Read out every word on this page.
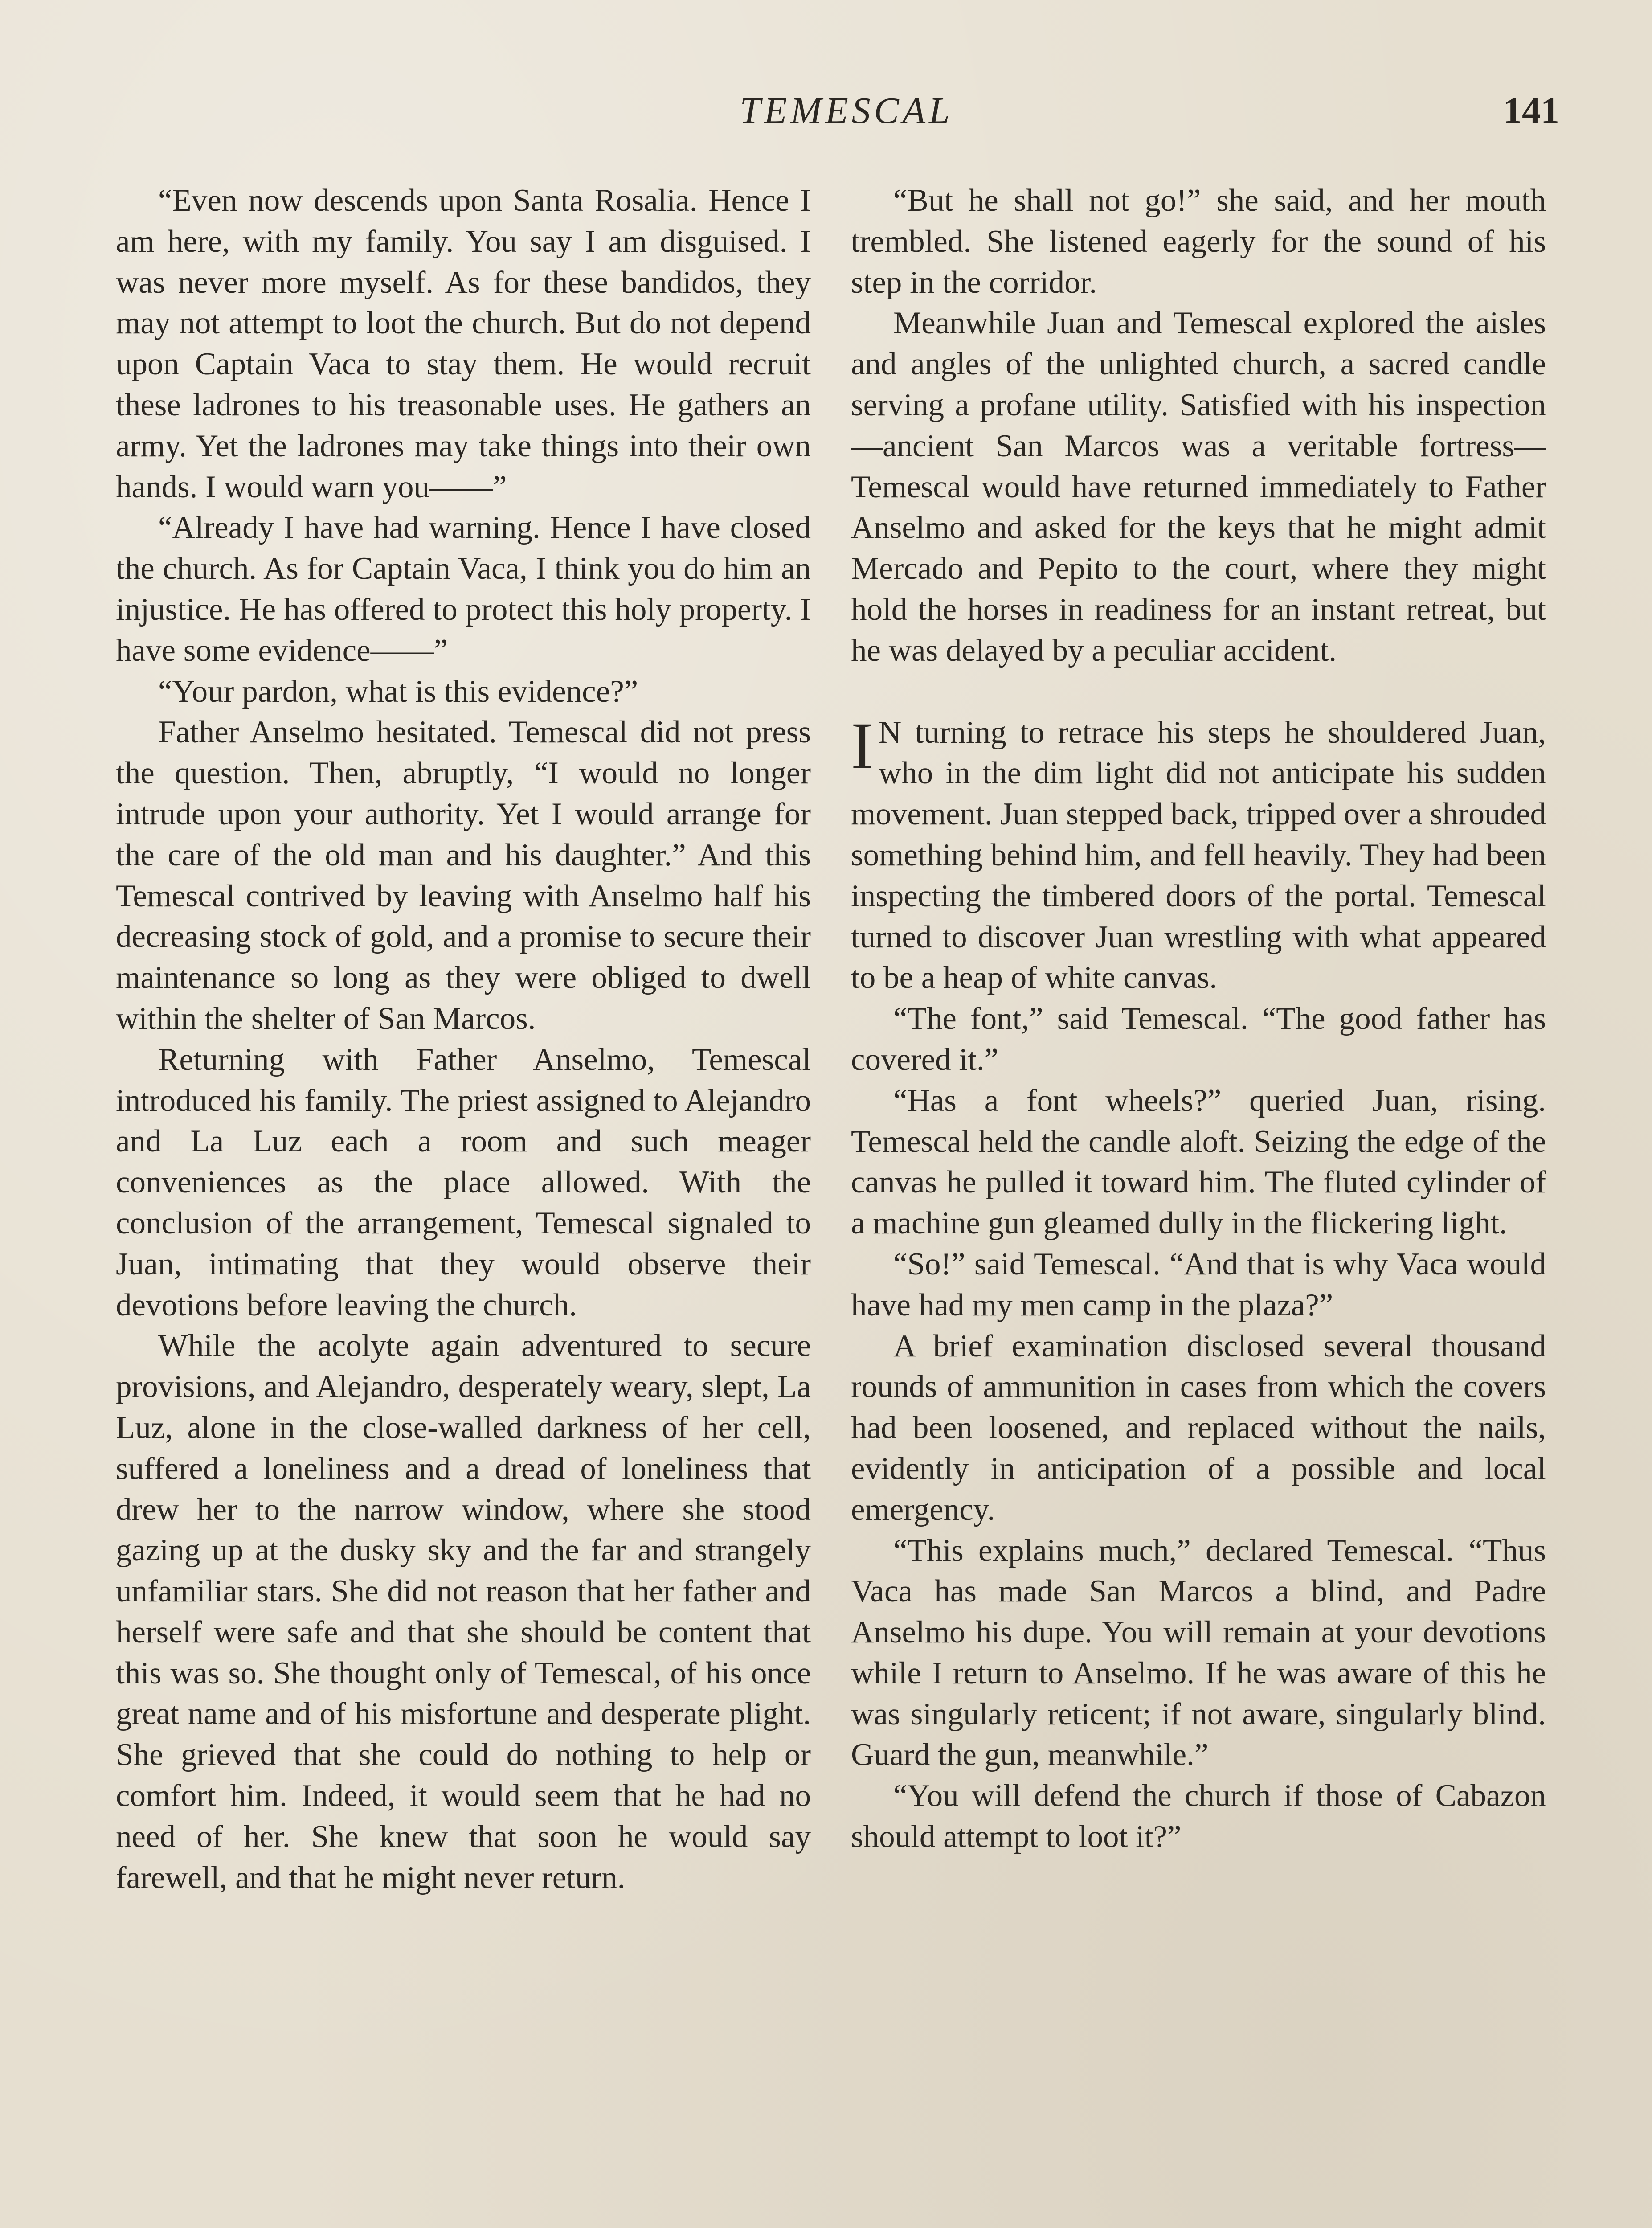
TEMESCAL	141

“Even now descends upon Santa Rosalia. Hence I am here, with my family. You say I am disguised. I was never more myself. As for these bandidos, they may not attempt to loot the church. But do not depend upon Captain Vaca to stay them. He would recruit these ladrones to his treasonable uses. He gathers an army. Yet the ladrones may take things into their own hands. I would warn you——”

“Already I have had warning. Hence I have closed the church. As for Captain Vaca, I think you do him an injustice. He has offered to protect this holy property. I have some evidence——”

“Your pardon, what is this evidence?”

Father Anselmo hesitated. Temescal did not press the question. Then, abruptly, “I would no longer intrude upon your authority. Yet I would arrange for the care of the old man and his daughter.” And this Temescal contrived by leaving with Anselmo half his decreasing stock of gold, and a promise to secure their maintenance so long as they were obliged to dwell within the shelter of San Marcos.

Returning with Father Anselmo, Temescal introduced his family. The priest assigned to Alejandro and La Luz each a room and such meager conveniences as the place allowed. With the conclusion of the arrangement, Temescal signaled to Juan, intimating that they would observe their devotions before leaving the church.

While the acolyte again adventured to secure provisions, and Alejandro, desperately weary, slept, La Luz, alone in the close-walled darkness of her cell, suffered a loneliness and a dread of loneliness that drew her to the narrow window, where she stood gazing up at the dusky sky and the far and strangely unfamiliar stars. She did not reason that her father and herself were safe and that she should be content that this was so. She thought only of Temescal, of his once great name and of his misfortune and desperate plight. She grieved that she could do nothing to help or comfort him. Indeed, it would seem that he had no need of her. She knew that soon he would say farewell, and that he might never return.

“But he shall not go!” she said, and her mouth trembled. She listened eagerly for the sound of his step in the corridor.

Meanwhile Juan and Temescal explored the aisles and angles of the unlighted church, a sacred candle serving a profane utility. Satisfied with his inspection—ancient San Marcos was a veritable fortress—Temescal would have returned immediately to Father Anselmo and asked for the keys that he might admit Mercado and Pepito to the court, where they might hold the horses in readiness for an instant retreat, but he was delayed by a peculiar accident.

I N turning to retrace his steps he shouldered Juan, who in the dim light did not anticipate his sudden movement. Juan stepped back, tripped over a shrouded something behind him, and fell heavily. They had been inspecting the timbered doors of the portal. Temescal turned to discover Juan wrestling with what appeared to be a heap of white canvas.

“The font,” said Temescal. “The good father has covered it.”

“Has a font wheels?” queried Juan, rising. Temescal held the candle aloft. Seizing the edge of the canvas he pulled it toward him. The fluted cylinder of a machine gun gleamed dully in the flickering light.

“So!” said Temescal. “And that is why Vaca would have had my men camp in the plaza?”

A brief examination disclosed several thousand rounds of ammunition in cases from which the covers had been loosened, and replaced without the nails, evidently in anticipation of a possible and local emergency.

“This explains much,” declared Temescal. “Thus Vaca has made San Marcos a blind, and Padre Anselmo his dupe. You will remain at your devotions while I return to Anselmo. If he was aware of this he was singularly reticent; if not aware, singularly blind. Guard the gun, meanwhile.”

“You will defend the church if those of Cabazon should attempt to loot it?”
